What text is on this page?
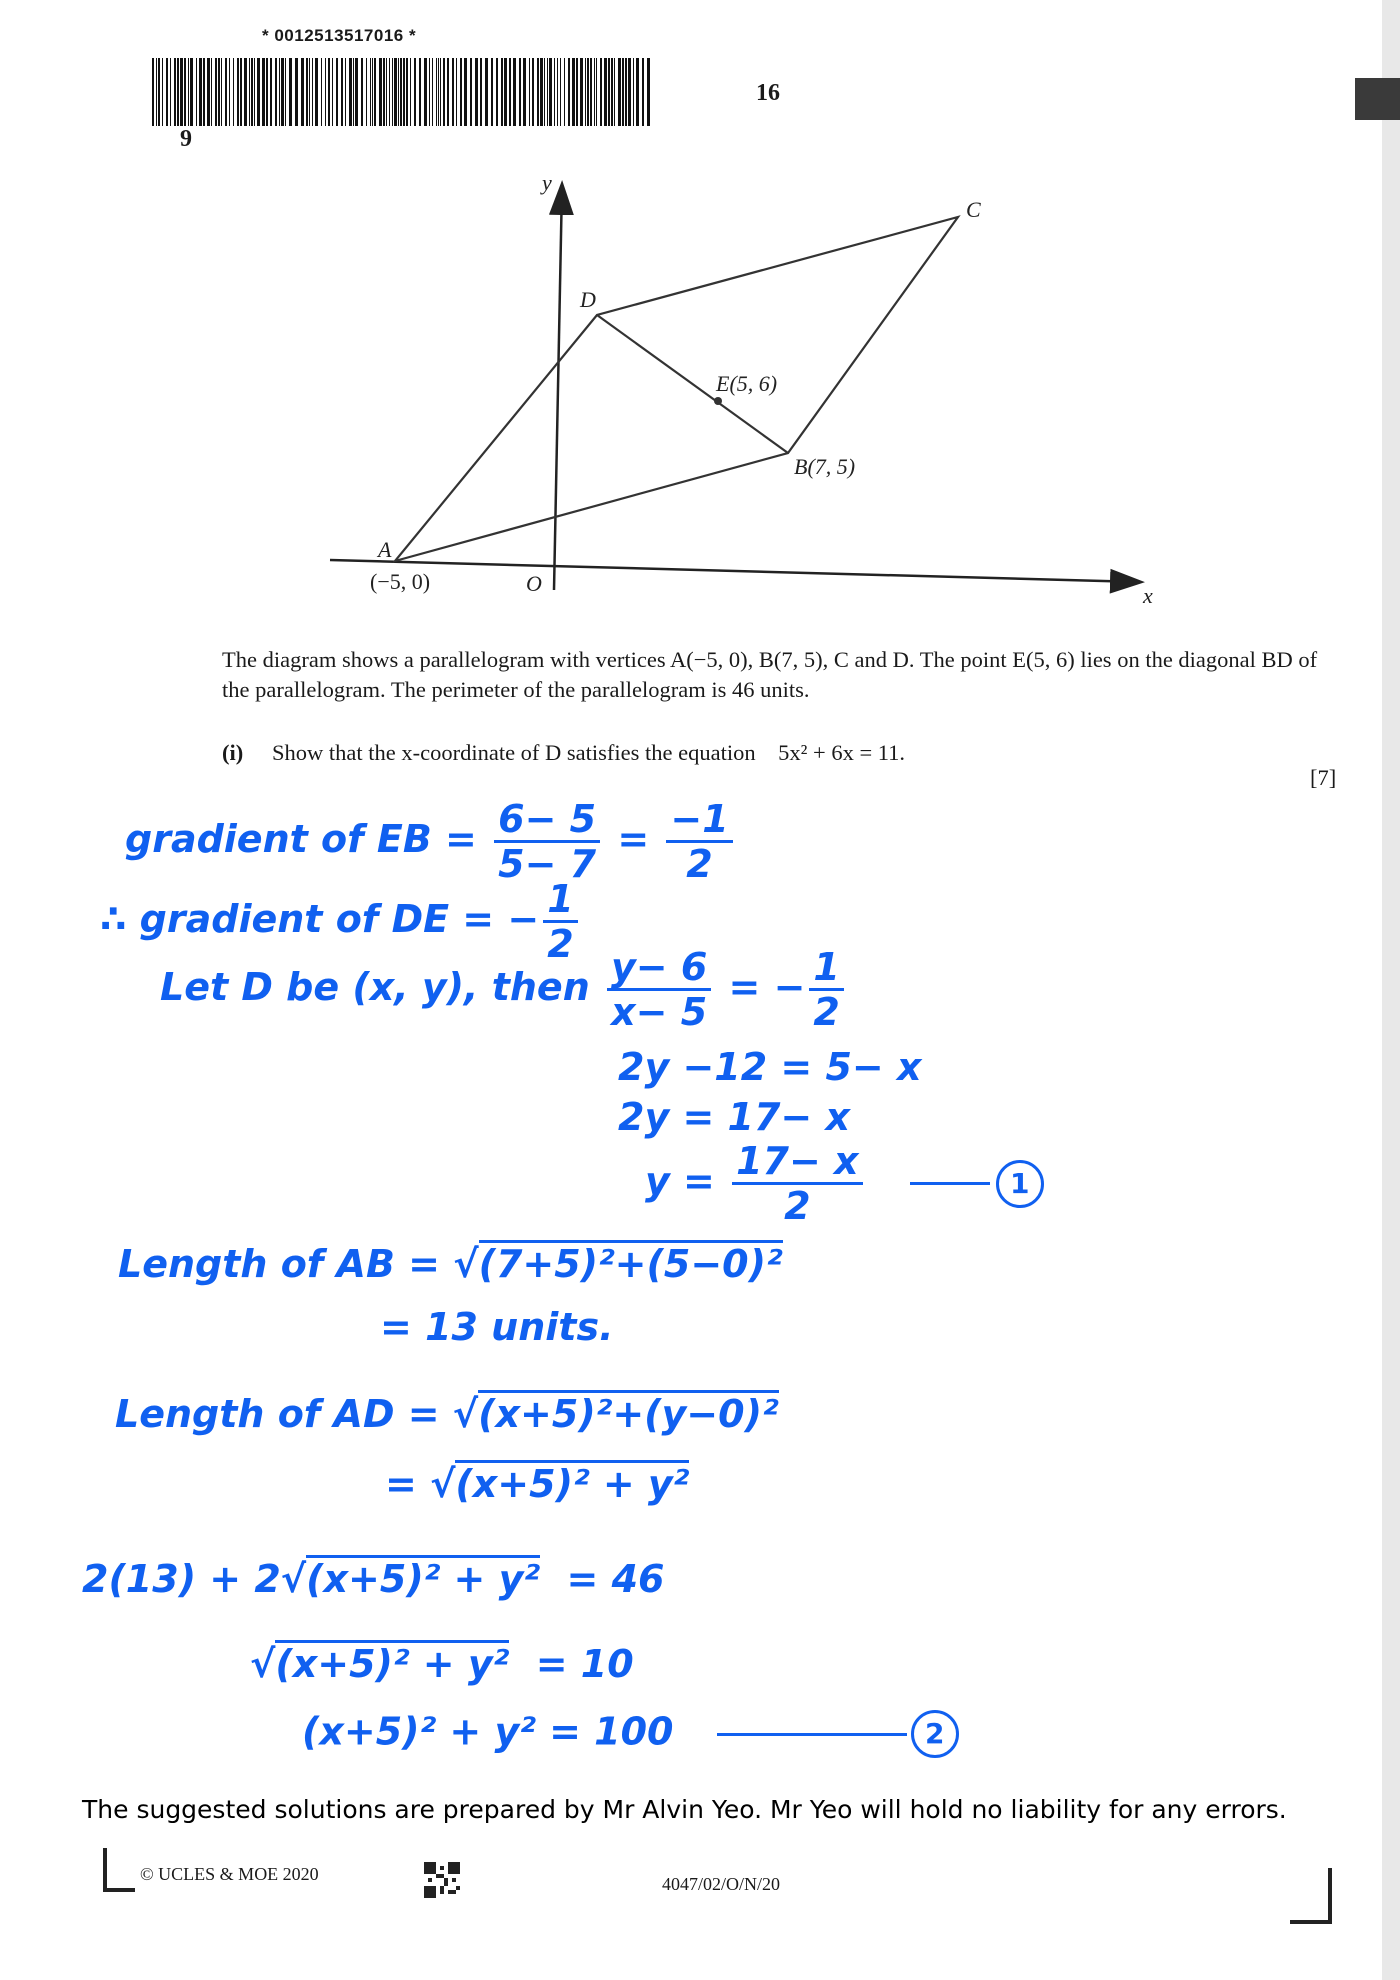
* 0012513517016 *
16
9
y
x
O
A
(−5, 0)
B(7, 5)
C
D
E(5, 6)
The diagram shows a parallelogram with vertices A(−5, 0), B(7, 5), C and D. The point E(5, 6) lies on the diagonal BD of the parallelogram. The perimeter of the parallelogram is 46 units.
(i) Show that the x-coordinate of D satisfies the equation 5x² + 6x = 11.
[7]
gradient of EB = $\frac{6- 5}{5- 7} = \frac{-1}{2}$
∴ gradient of DE = − $\frac{1}{2}$
Let D be (x, y), then $\frac{y- 6}{x- 5}$ = − $\frac{1}{2}$
2y −12 = 5− x
2y = 17− x
$y = \frac{17- x}{2}$	1
Length of AB = √(7+5)²+(5−0)²
= 13 units.
Length of AD = √(x+5)²+(y−0)²
= √(x+5)² + y²
2(13) + 2√(x+5)² + y² = 46
√(x+5)² + y² = 10
(x+5)² + y² = 100	2
The suggested solutions are prepared by Mr Alvin Yeo. Mr Yeo will hold no liability for any errors.
© UCLES & MOE 2020	4047/02/O/N/20
